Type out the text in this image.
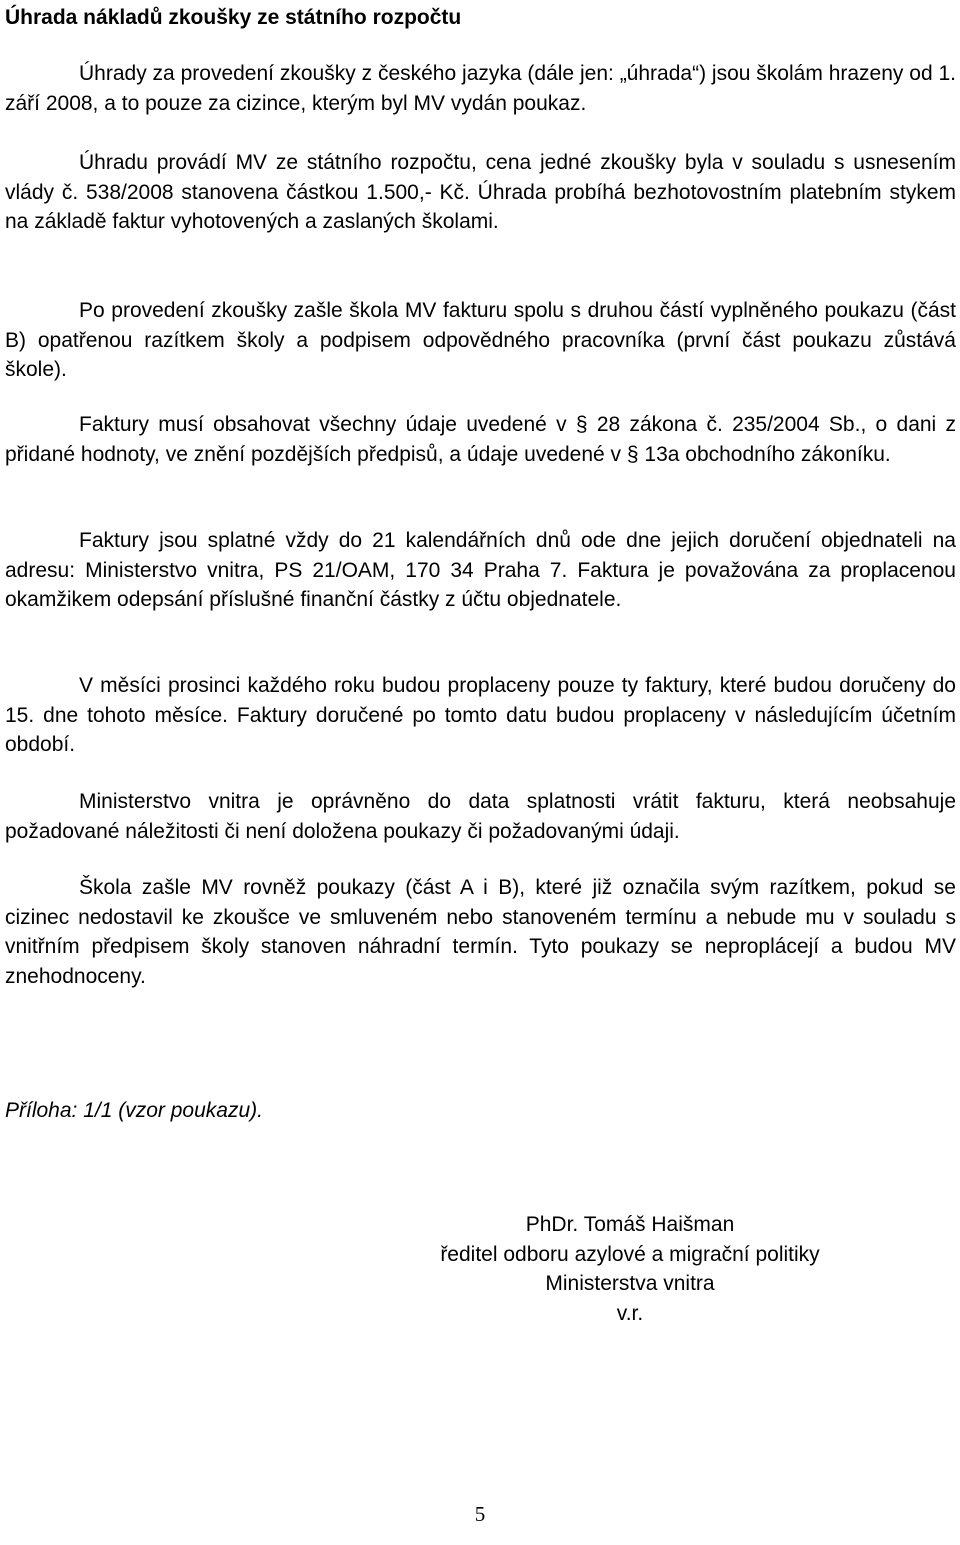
Úhrada nákladů zkoušky ze státního rozpočtu

Úhrady za provedení zkoušky z českého jazyka (dále jen: „úhrada“) jsou školám hrazeny od 1. září 2008, a to pouze za cizince, kterým byl MV vydán poukaz.

Úhradu provádí MV ze státního rozpočtu, cena jedné zkoušky byla v souladu s usnesením vlády č. 538/2008 stanovena částkou 1.500,- Kč. Úhrada probíhá bezhotovostním platebním stykem na základě faktur vyhotovených a zaslaných školami.

Po provedení zkoušky zašle škola MV fakturu spolu s druhou částí vyplněného poukazu (část B) opatřenou razítkem školy a podpisem odpovědného pracovníka (první část poukazu zůstává škole).

Faktury musí obsahovat všechny údaje uvedené v § 28 zákona č. 235/2004 Sb., o dani z přidané hodnoty, ve znění pozdějších předpisů, a údaje uvedené v § 13a obchodního zákoníku.

Faktury jsou splatné vždy do 21 kalendářních dnů ode dne jejich doručení objednateli na adresu: Ministerstvo vnitra, PS 21/OAM, 170 34 Praha 7. Faktura je považována za proplacenou okamžikem odepsání příslušné finanční částky z účtu objednatele.

V měsíci prosinci každého roku budou proplaceny pouze ty faktury, které budou doručeny do 15. dne tohoto měsíce. Faktury doručené po tomto datu budou proplaceny v následujícím účetním období.

Ministerstvo vnitra je oprávněno do data splatnosti vrátit fakturu, která neobsahuje požadované náležitosti či není doložena poukazy či požadovanými údaji.

Škola zašle MV rovněž poukazy (část A i B), které již označila svým razítkem, pokud se cizinec nedostavil ke zkoušce ve smluveném nebo stanoveném termínu a nebude mu v souladu s vnitřním předpisem školy stanoven náhradní termín. Tyto poukazy se neproplácejí a budou MV znehodnoceny.

Příloha: 1/1 (vzor poukazu).

PhDr. Tomáš Haišman
ředitel odboru azylové a migrační politiky
Ministerstva vnitra
v.r.
5
